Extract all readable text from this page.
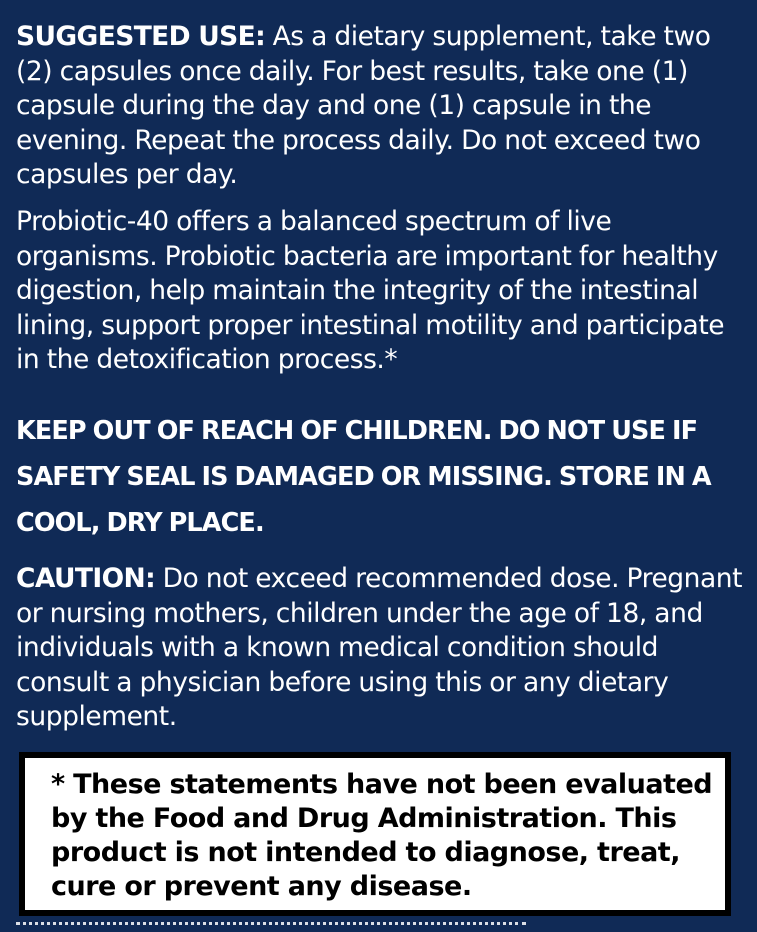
SUGGESTED USE: As a dietary supplement, take two (2) capsules once daily. For best results, take one (1) capsule during the day and one (1) capsule in the evening. Repeat the process daily. Do not exceed two capsules per day.

Probiotic-40 offers a balanced spectrum of live organisms. Probiotic bacteria are important for healthy digestion, help maintain the integrity of the intestinal lining, support proper intestinal motility and participate in the detoxification process.*

KEEP OUT OF REACH OF CHILDREN. DO NOT USE IF SAFETY SEAL IS DAMAGED OR MISSING. STORE IN A COOL, DRY PLACE.

CAUTION: Do not exceed recommended dose. Pregnant or nursing mothers, children under the age of 18, and individuals with a known medical condition should consult a physician before using this or any dietary supplement.

* These statements have not been evaluated by the Food and Drug Administration. This product is not intended to diagnose, treat, cure or prevent any disease.
